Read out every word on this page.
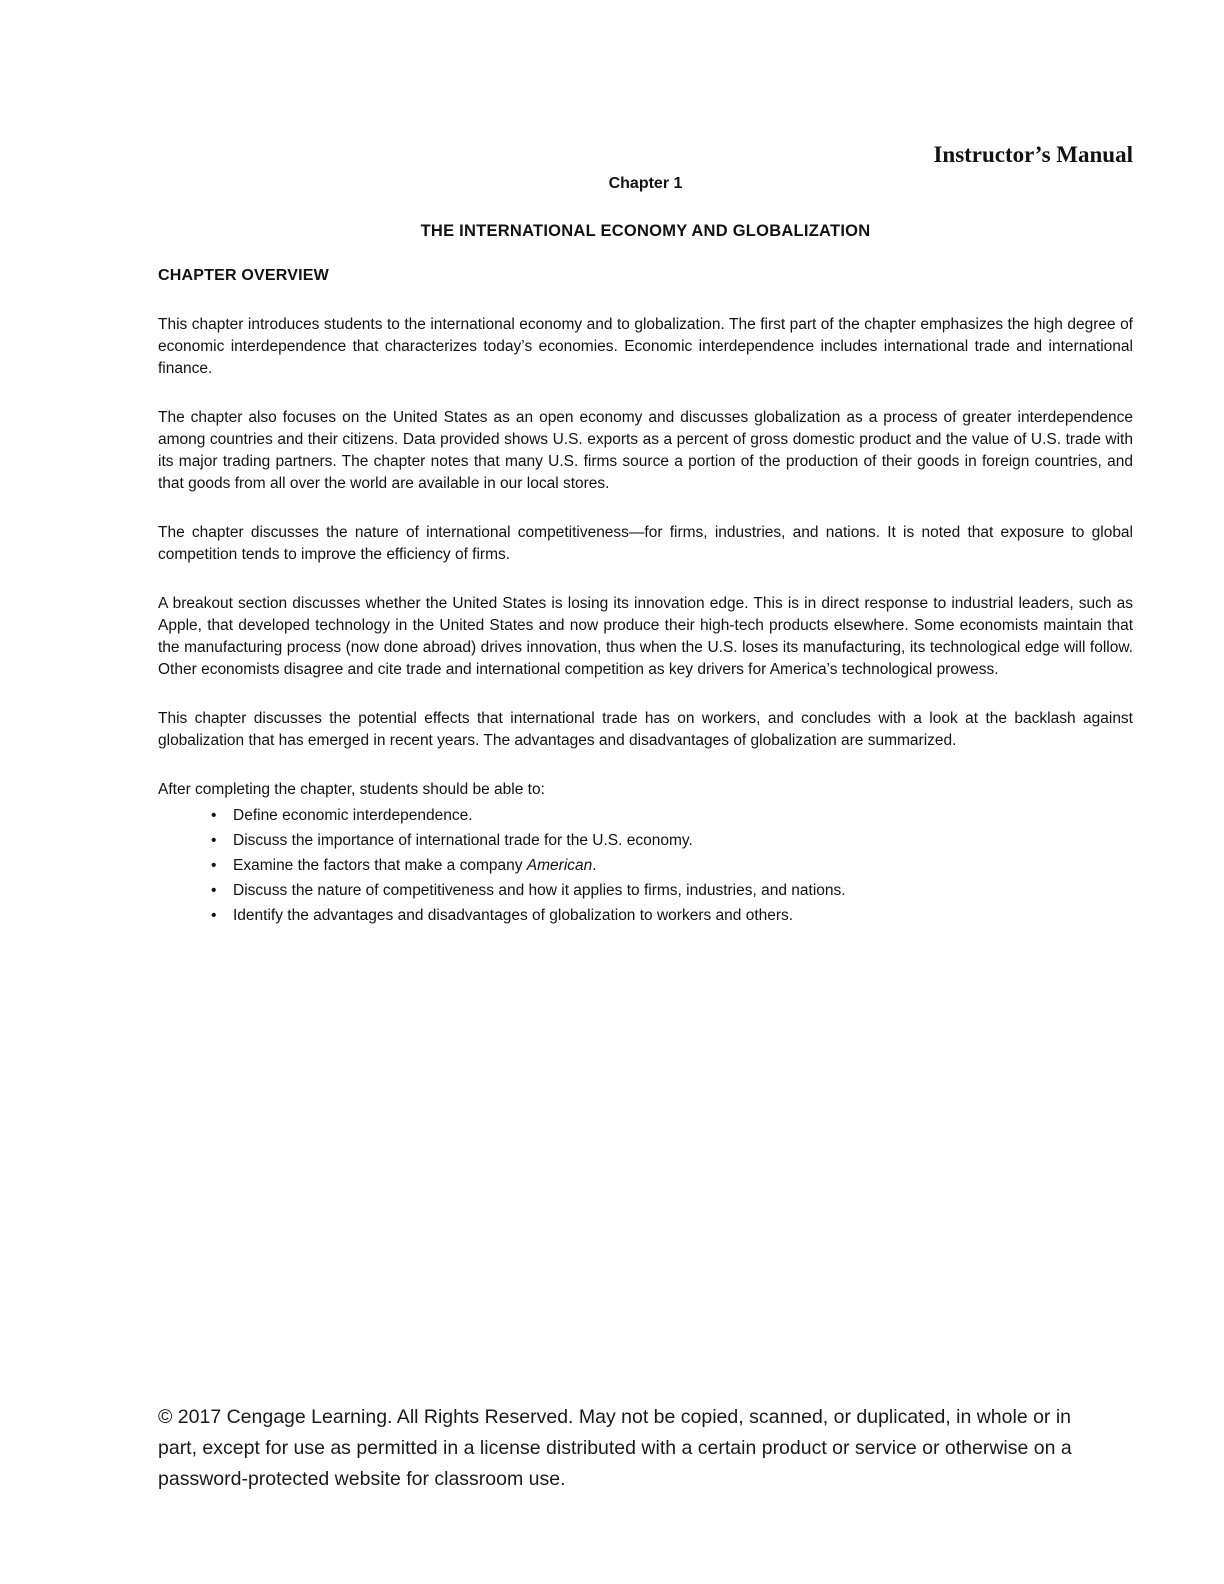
Instructor’s Manual
Chapter 1
THE INTERNATIONAL ECONOMY AND GLOBALIZATION
CHAPTER OVERVIEW

This chapter introduces students to the international economy and to globalization. The first part of the chapter emphasizes the high degree of economic interdependence that characterizes today’s economies. Economic interdependence includes international trade and international finance.

The chapter also focuses on the United States as an open economy and discusses globalization as a process of greater interdependence among countries and their citizens. Data provided shows U.S. exports as a percent of gross domestic product and the value of U.S. trade with its major trading partners. The chapter notes that many U.S. firms source a portion of the production of their goods in foreign countries, and that goods from all over the world are available in our local stores.

The chapter discusses the nature of international competitiveness—for firms, industries, and nations. It is noted that exposure to global competition tends to improve the efficiency of firms.

A breakout section discusses whether the United States is losing its innovation edge. This is in direct response to industrial leaders, such as Apple, that developed technology in the United States and now produce their high-tech products elsewhere. Some economists maintain that the manufacturing process (now done abroad) drives innovation, thus when the U.S. loses its manufacturing, its technological edge will follow. Other economists disagree and cite trade and international competition as key drivers for America’s technological prowess.

This chapter discusses the potential effects that international trade has on workers, and concludes with a look at the backlash against globalization that has emerged in recent years. The advantages and disadvantages of globalization are summarized.

After completing the chapter, students should be able to:

• Define economic interdependence.
• Discuss the importance of international trade for the U.S. economy.
• Examine the factors that make a company American.
• Discuss the nature of competitiveness and how it applies to firms, industries, and nations.
• Identify the advantages and disadvantages of globalization to workers and others.
© 2017 Cengage Learning. All Rights Reserved. May not be copied, scanned, or duplicated, in whole or in
part, except for use as permitted in a license distributed with a certain product or service or otherwise on a
password-protected website for classroom use.
